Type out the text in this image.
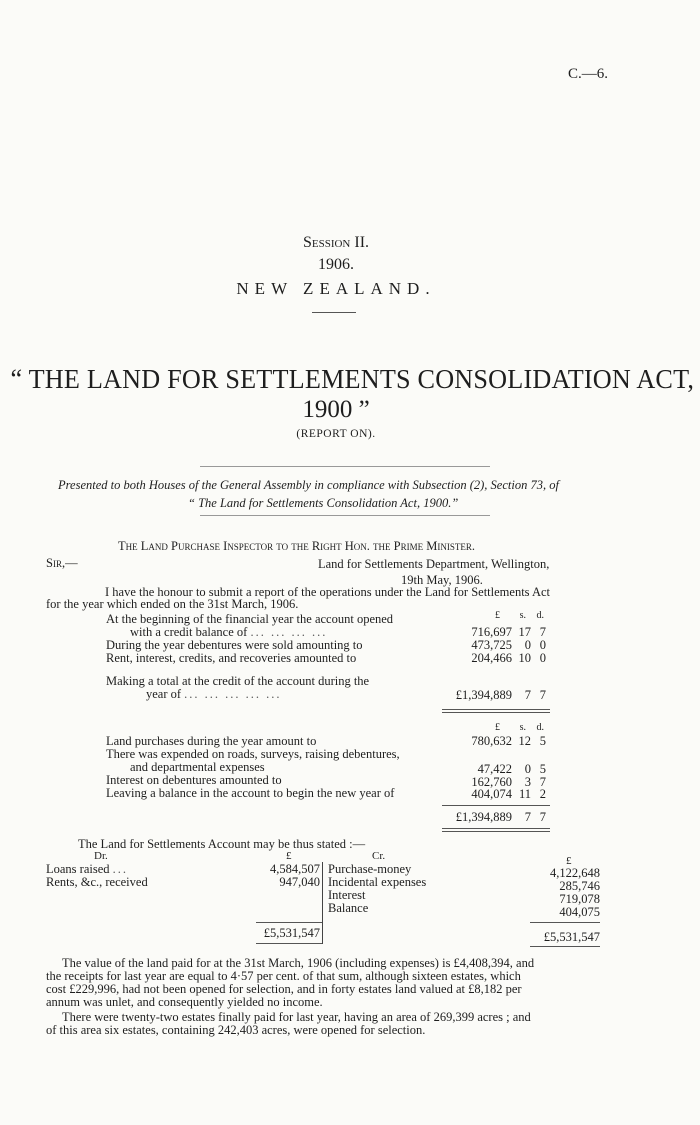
C.—6.
Session II.
1906.
NEW ZEALAND.
“ THE LAND FOR SETTLEMENTS CONSOLIDATION ACT,
1900 ”
(REPORT ON).
Presented to both Houses of the General Assembly in compliance with Subsection (2), Section 73, of
“ The Land for Settlements Consolidation Act, 1900.”
The Land Purchase Inspector to the Right Hon. the Prime Minister.
Sir,—	Land for Settlements Department, Wellington,
19th May, 1906.
I have the honour to submit a report of the operations under the Land for Settlements Act
for the year which ended on the 31st March, 1906.
£	s.	d.
At the beginning of the financial year the account opened
with a credit balance of ... ... ... ...	716,697 17 7
During the year debentures were sold amounting to	473,725	0 0
Rent, interest, credits, and recoveries amounted to	204,466 10 0
Making a total at the credit of the account during the
year of ... ... ... ... ...	£1,394,889	7 7
£	s.	d.
Land purchases during the year amount to	780,632 12 5
There was expended on roads, surveys, raising debentures,
and departmental expenses	47,422	0 5
Interest on debentures amounted to	162,760	3 7
Leaving a balance in the account to begin the new year of	404,074 11 2
£1,394,889	7 7
The Land for Settlements Account may be thus stated :—
Dr.	£	Cr.	£
Loans raised ...	4,584,507
Rents, &c., received	947,040
Purchase-money	4,122,648
Incidental expenses	285,746
Interest	719,078
Balance	404,075
£5,531,547	£5,531,547
The value of the land paid for at the 31st March, 1906 (including expenses) is £4,408,394, and
the receipts for last year are equal to 4·57 per cent. of that sum, although sixteen estates, which
cost £229,996, had not been opened for selection, and in forty estates land valued at £8,182 per
annum was unlet, and consequently yielded no income.
There were twenty-two estates finally paid for last year, having an area of 269,399 acres ; and
of this area six estates, containing 242,403 acres, were opened for selection.
